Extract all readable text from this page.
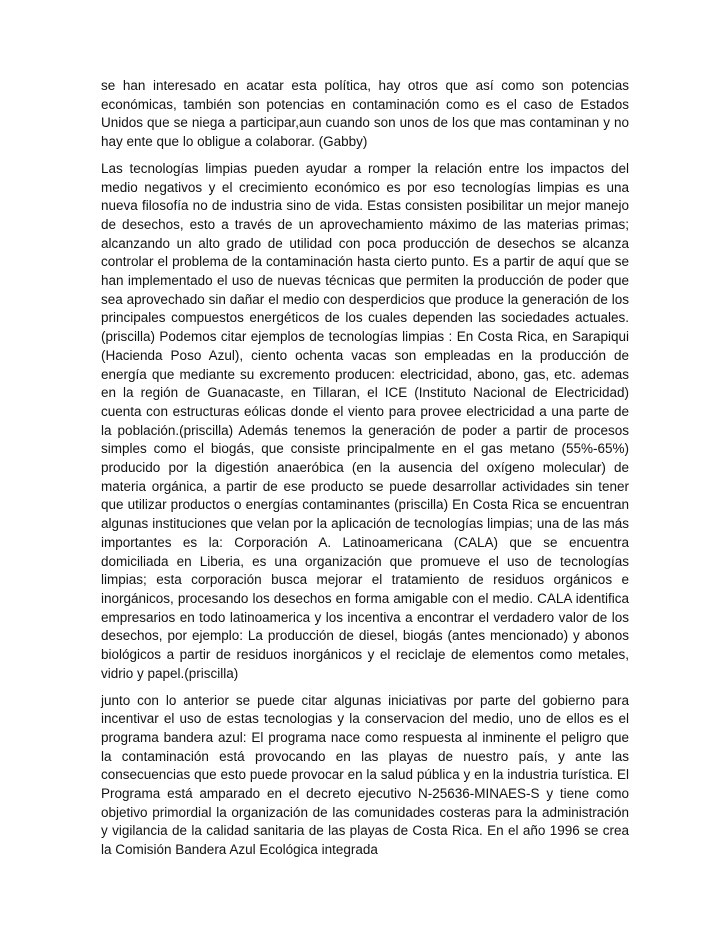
se han interesado en acatar esta política, hay otros que así como son potencias económicas, también son potencias en contaminación como es el caso de Estados Unidos que se niega a participar,aun cuando son unos de los que mas contaminan y no hay ente que lo obligue a colaborar. (Gabby)

Las tecnologías limpias pueden ayudar a romper la relación entre los impactos del medio negativos y el crecimiento económico es por eso tecnologías limpias es una nueva filosofía no de industria sino de vida. Estas consisten posibilitar un mejor manejo de desechos, esto a través de un aprovechamiento máximo de las materias primas; alcanzando un alto grado de utilidad con poca producción de desechos se alcanza controlar el problema de la contaminación hasta cierto punto. Es a partir de aquí que se han implementado el uso de nuevas técnicas que permiten la producción de poder que sea aprovechado sin dañar el medio con desperdicios que produce la generación de los principales compuestos energéticos de los cuales dependen las sociedades actuales. (priscilla) Podemos citar ejemplos de tecnologías limpias : En Costa Rica, en Sarapiqui (Hacienda Poso Azul), ciento ochenta vacas son empleadas en la producción de energía que mediante su excremento producen: electricidad, abono, gas, etc. ademas en la región de Guanacaste, en Tillaran, el ICE (Instituto Nacional de Electricidad) cuenta con estructuras eólicas donde el viento para provee electricidad a una parte de la población.(priscilla) Además tenemos la generación de poder a partir de procesos simples como el biogás, que consiste principalmente en el gas metano (55%-65%) producido por la digestión anaeróbica (en la ausencia del oxígeno molecular) de materia orgánica, a partir de ese producto se puede desarrollar actividades sin tener que utilizar productos o energías contaminantes (priscilla) En Costa Rica se encuentran algunas instituciones que velan por la aplicación de tecnologías limpias; una de las más importantes es la: Corporación A. Latinoamericana (CALA) que se encuentra domiciliada en Liberia, es una organización que promueve el uso de tecnologías limpias; esta corporación busca mejorar el tratamiento de residuos orgánicos e inorgánicos, procesando los desechos en forma amigable con el medio. CALA identifica empresarios en todo latinoamerica y los incentiva a encontrar el verdadero valor de los desechos, por ejemplo: La producción de diesel, biogás (antes mencionado) y abonos biológicos a partir de residuos inorgánicos y el reciclaje de elementos como metales, vidrio y papel.(priscilla)

junto con lo anterior se puede citar algunas iniciativas por parte del gobierno para incentivar el uso de estas tecnologias y la conservacion del medio, uno de ellos es el programa bandera azul: El programa nace como respuesta al inminente el peligro que la contaminación está provocando en las playas de nuestro país, y ante las consecuencias que esto puede provocar en la salud pública y en la industria turística. El Programa está amparado en el decreto ejecutivo N-25636-MINAES-S y tiene como objetivo primordial la organización de las comunidades costeras para la administración y vigilancia de la calidad sanitaria de las playas de Costa Rica. En el año 1996 se crea la Comisión Bandera Azul Ecológica integrada
